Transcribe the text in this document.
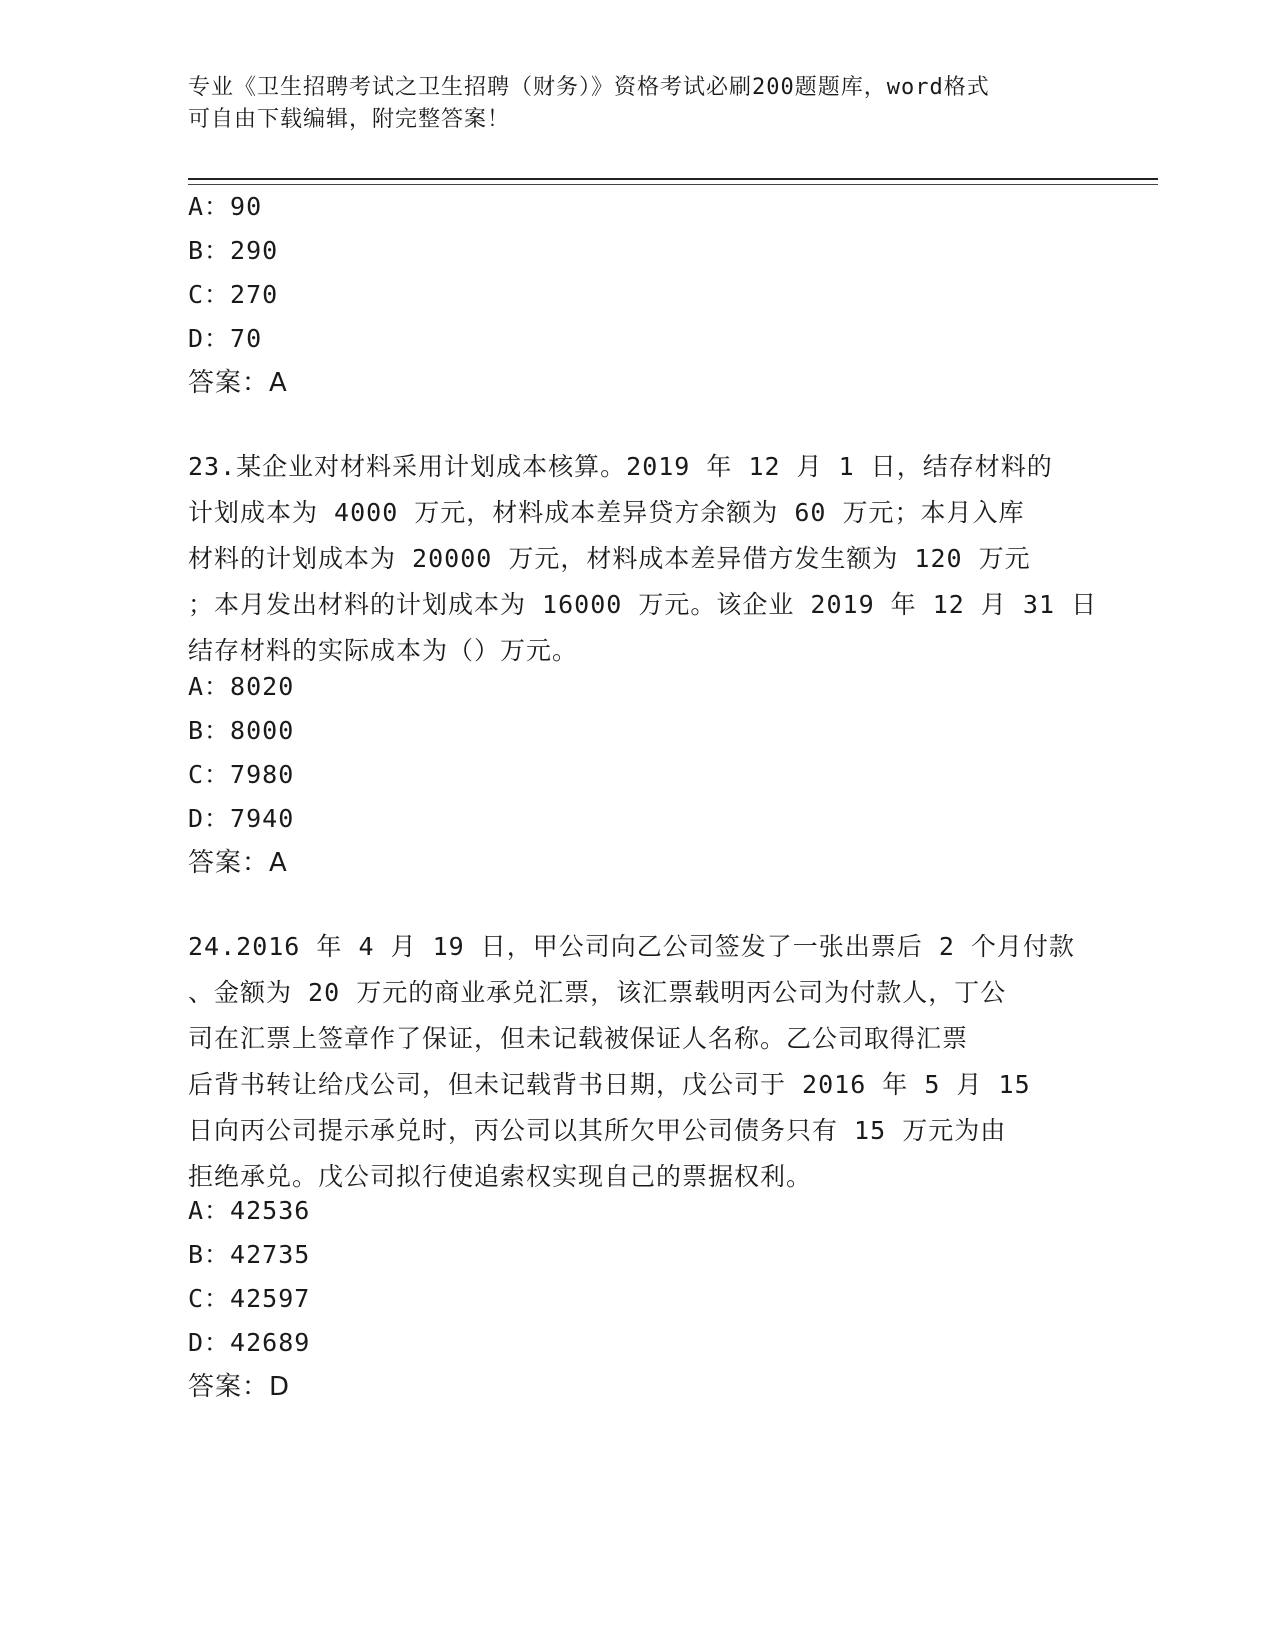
专业《卫生招聘考试之卫生招聘（财务）》资格考试必刷200题题库，word格式
可自由下载编辑，附完整答案！
A：90
B：290
C：270
D：70
答案：A
23.某企业对材料采用计划成本核算。2019 年 12 月 1 日，结存材料的
计划成本为 4000 万元，材料成本差异贷方余额为 60 万元；本月入库
材料的计划成本为 20000 万元，材料成本差异借方发生额为 120 万元
；本月发出材料的计划成本为 16000 万元。该企业 2019 年 12 月 31 日
结存材料的实际成本为（）万元。
A：8020
B：8000
C：7980
D：7940
答案：A
24.2016 年 4 月 19 日，甲公司向乙公司签发了一张出票后 2 个月付款
、金额为 20 万元的商业承兑汇票，该汇票载明丙公司为付款人，丁公
司在汇票上签章作了保证，但未记载被保证人名称。乙公司取得汇票
后背书转让给戊公司，但未记载背书日期，戊公司于 2016 年 5 月 15
日向丙公司提示承兑时，丙公司以其所欠甲公司债务只有 15 万元为由
拒绝承兑。戊公司拟行使追索权实现自己的票据权利。
A：42536
B：42735
C：42597
D：42689
答案：D
